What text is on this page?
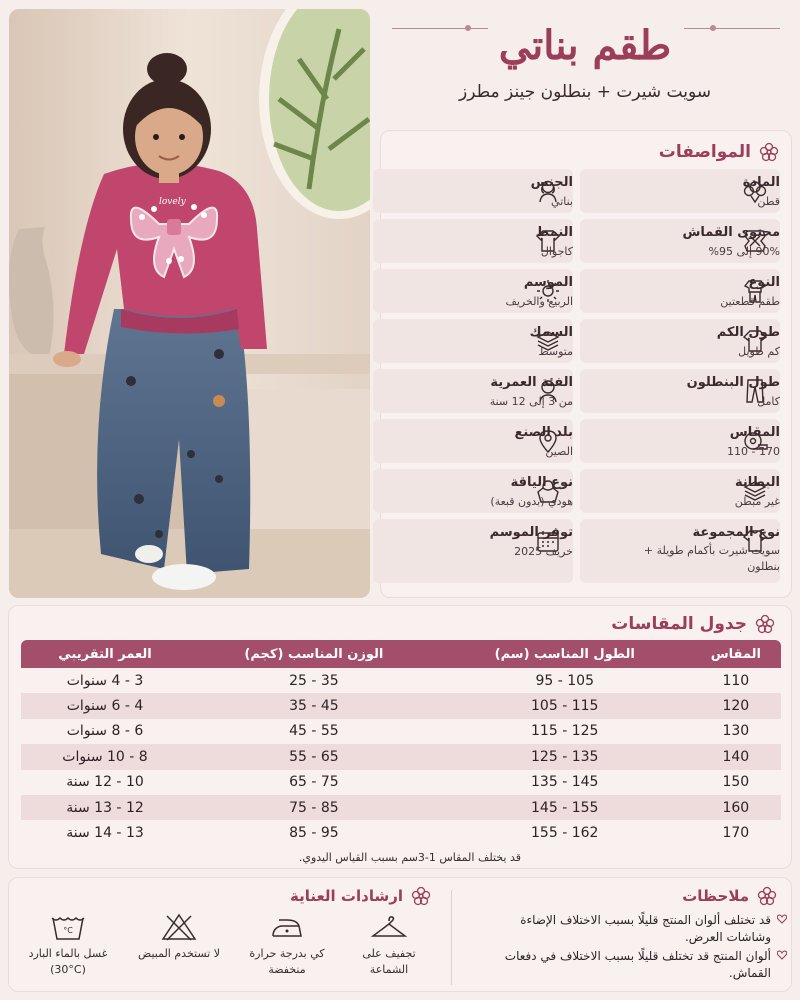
lovely
طقم بناتي
سويت شيرت + بنطلون جينز مطرز
المواصفات
المادة
قطن
محتوى القماش
90% إلى 95%
النوع
طقم قطعتين
طول الكم
كم طويل
طول البنطلون
كامل
المقاس
170 - 110
البطانة
غير مبطن
نوع المجموعة
سويت شيرت بأكمام طويلة + بنطلون
الجنس
بناتي
النمط
كاجوال
الموسم
الربيع والخريف
السمك
متوسط
الفئة العمرية
من 3 إلى 12 سنة
بلد الصنع
الصين
نوع الياقة
هودي (بدون قبعة)
توفر الموسم
خريف 2025
جدول المقاسات
المقاس	الطول المناسب (سم)	الوزن المناسب (كجم)	العمر التقريبي
110	105 - 95	35 - 25	3 - 4 سنوات
120	115 - 105	45 - 35	4 - 6 سنوات
130	125 - 115	55 - 45	6 - 8 سنوات
140	135 - 125	65 - 55	8 - 10 سنوات
150	145 - 135	75 - 65	10 - 12 سنة
160	155 - 145	85 - 75	12 - 13 سنة
170	162 - 155	95 - 85	13 - 14 سنة
قد يختلف المقاس 1-3سم بسبب القياس اليدوي.
ملاحظات
قد تختلف ألوان المنتج قليلًا بسبب الاختلاف الإضاءة وشاشات العرض.
ألوان المنتج قد تختلف قليلًا بسبب الاختلاف في دفعات القماش.
ارشادات العناية
تجفيف على الشماعة
كي بدرجة حرارة منخفضة
لا تستخدم المبيض
°C
غسل بالماء البارد (30°C)
